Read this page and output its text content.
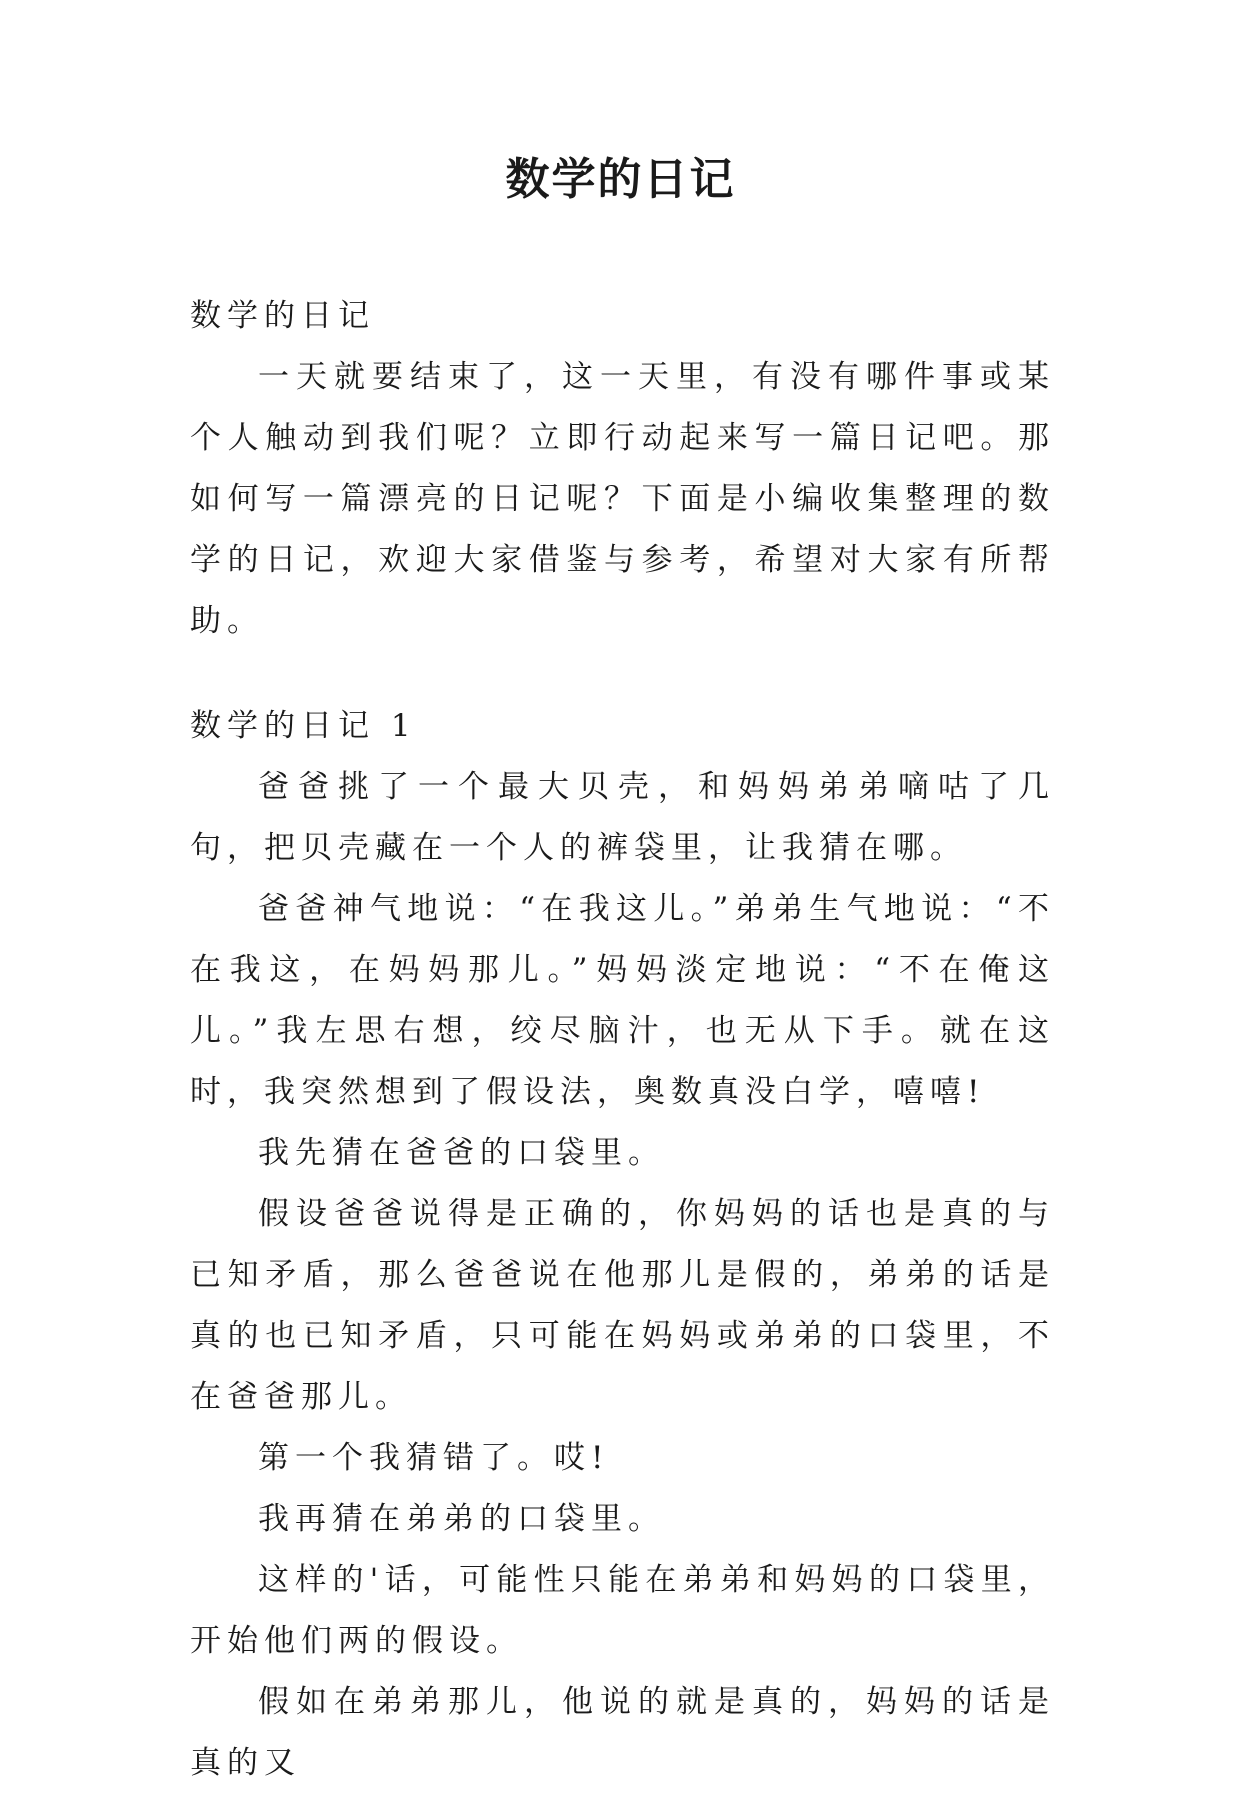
数学的日记

数学的日记

一天就要结束了，这一天里，有没有哪件事或某个人触动到我们呢？立即行动起来写一篇日记吧。那如何写一篇漂亮的日记呢？下面是小编收集整理的数学的日记，欢迎大家借鉴与参考，希望对大家有所帮助。

数学的日记 1

爸爸挑了一个最大贝壳，和妈妈弟弟嘀咕了几句，把贝壳藏在一个人的裤袋里，让我猜在哪。

爸爸神气地说：“在我这儿。”弟弟生气地说：“不在我这，在妈妈那儿。”妈妈淡定地说：“不在俺这儿。”我左思右想，绞尽脑汁，也无从下手。就在这时，我突然想到了假设法，奥数真没白学，嘻嘻!

我先猜在爸爸的口袋里。

假设爸爸说得是正确的，你妈妈的话也是真的与已知矛盾，那么爸爸说在他那儿是假的，弟弟的话是真的也已知矛盾，只可能在妈妈或弟弟的口袋里，不在爸爸那儿。

第一个我猜错了。哎!

我再猜在弟弟的口袋里。

这样的'话，可能性只能在弟弟和妈妈的口袋里，开始他们两的假设。

假如在弟弟那儿，他说的就是真的，妈妈的话是真的又
